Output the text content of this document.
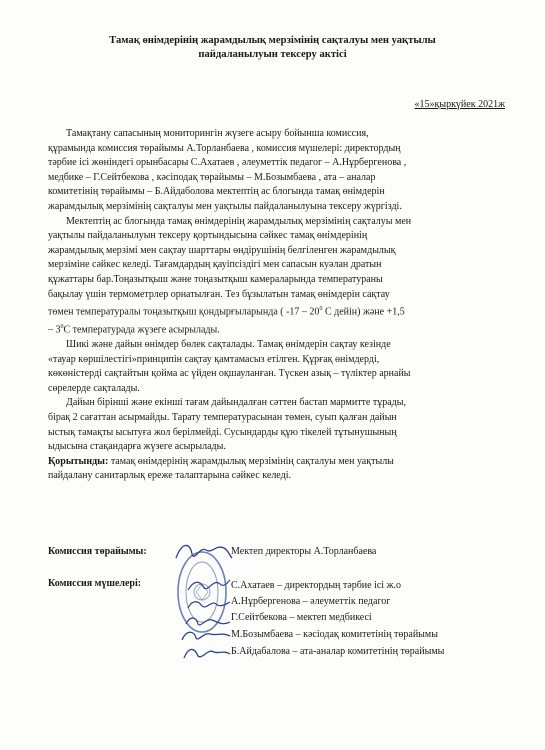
Тамақ өнімдерінің жарамдылық мерзімінің сақталуы мен уақтылы
пайдаланылуын тексеру актісі
«15»қыркүйек 2021ж

Тамақтану сапасының мониторингін жүзеге асыру бойынша комиссия,
құрамында комиссия төрайымы А.Торланбаева , комиссия мүшелері: директордың
тәрбие ісі жөніндегі орынбасары С.Ахатаев , әлеуметтік педагог – А.Нұрбергенова ,
медбике – Г.Сейтбекова , кәсіподақ төрайымы – М.Бозымбаева , ата – аналар
комитетінің төрайымы – Б.Айдаболова мектептің ас блогында тамақ өнімдерін
жарамдылық мерзімінің сақталуы мен уақтылы пайдаланылуына тексеру жүргізді.

Мектептің ас блогында тамақ өнімдерінің жарамдылық мерзімінің сақталуы мен
уақтылы пайдаланылуын тексеру қортындысына сәйкес тамақ өнімдерінің
жарамдылық мерзімі мен сақтау шарттары өндірушінің белгіленген жарамдылық
мерзіміне сәйкес келеді. Тағамдардың қауіпсіздігі мен сапасын куәлан дратын
құжаттары бар.Тоңазытқыш және тоңазытқыш камераларында температураны
бақылау үшін термометрлер орнатылған. Тез бұзылатын тамақ өнімдерін сақтау
төмен температуралы тоңазытқыш қондырғыларында ( $-17 - 20^0$ С дейін) және +1,5
– $3^0С$ температурада жүзеге асырылады.

Шикі және дайын өнімдер бөлек сақталады. Тамақ өнімдерін сақтау кезінде
«тауар көршілестігі»принципін сақтау қамтамасыз етілген. Құрғақ өнімдерді,
көкөністерді сақтайтын қойма ас үйден оқшауланған. Түскен азық – түліктер арнайы
сөрелерде сақталады.

Дайын бірінші және екінші тағам дайындалған сәттен бастап мармитте тұрады,
бірақ 2 сағаттан асырмайды. Тарату температурасынан төмен, суып қалған дайын
ыстық тамақты ысытуға жол берілмейді. Сусындарды құю тікелей тұтынушының
ыдысына стақандарға жүзеге асырылады.

Қорытынды: тамақ өнімдерінің жарамдылық мерзімінің сақталуы мен уақтылы
пайдалану санитарлық ереже талаптарына сәйкес келеді.

Комиссия төрайымы:	Мектеп директоры А.Торланбаева
Комиссия мүшелері:	С.Ахатаев – директордың тәрбие ісі ж.о
А.Нұрбергенова – әлеуметтік педагог
Г.Сейтбекова – мектеп медбикесі
М.Бозымбаева – кәсіодақ комитетінің төрайымы
Б.Айдабалова – ата-аналар комитетінің төрайымы
